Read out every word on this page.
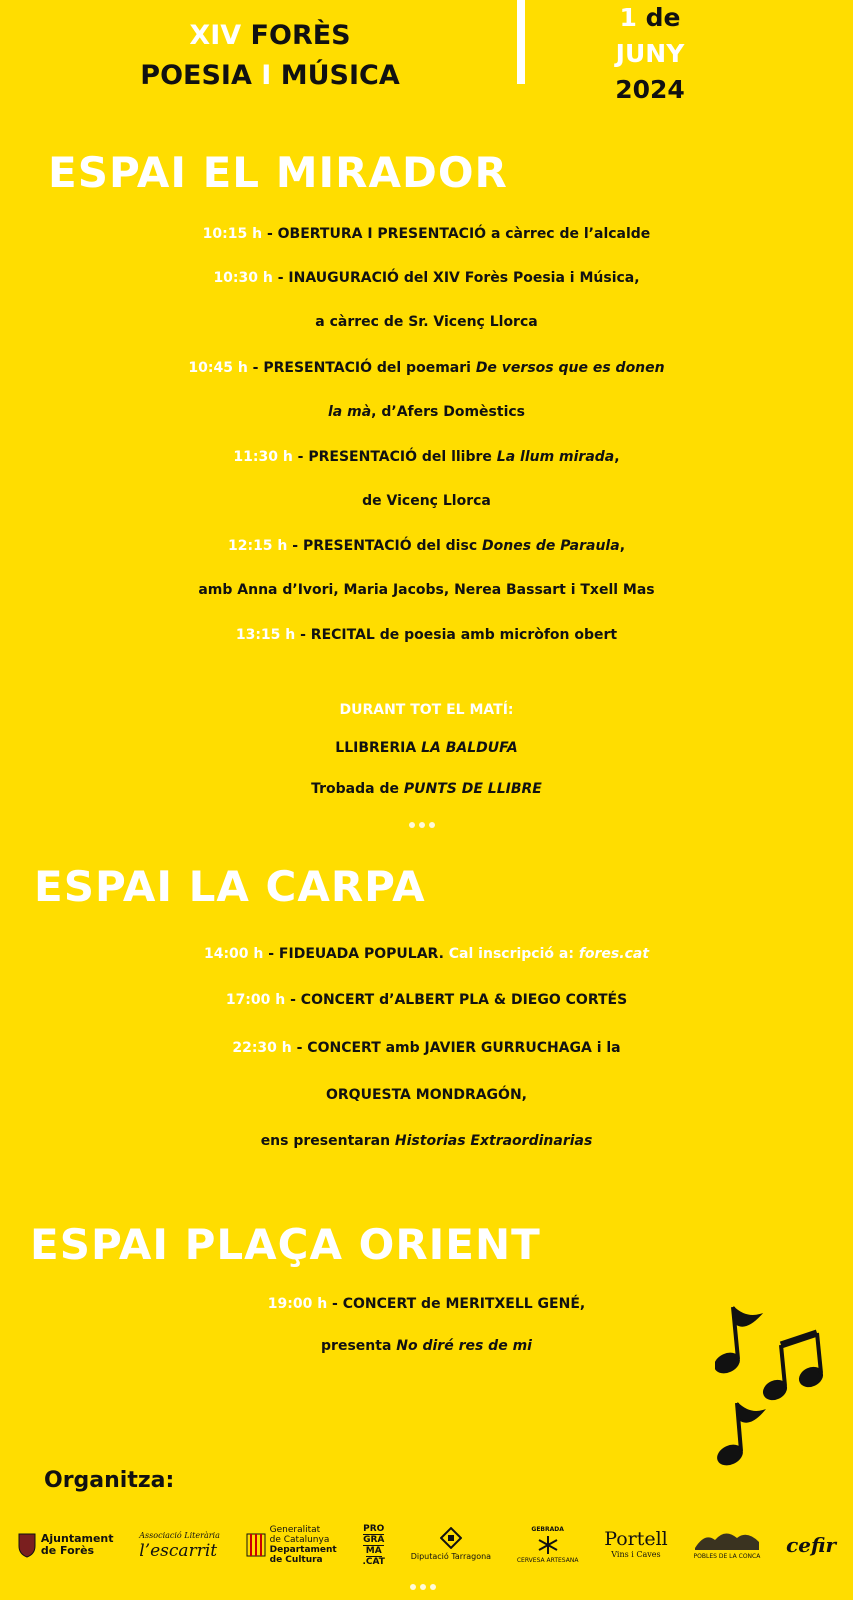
XIV FORÈS
POESIA I MÚSICA
1 de
JUNY
2024
ESPAI EL MIRADOR
10:15 h - OBERTURA I PRESENTACIÓ a càrrec de l’alcalde
10:30 h - INAUGURACIÓ del XIV Forès Poesia i Música,
a càrrec de Sr. Vicenç Llorca
10:45 h - PRESENTACIÓ del poemari De versos que es donen
la mà, d’Afers Domèstics
11:30 h - PRESENTACIÓ del llibre La llum mirada,
de Vicenç Llorca
12:15 h - PRESENTACIÓ del disc Dones de Paraula,
amb Anna d’Ivori, Maria Jacobs, Nerea Bassart i Txell Mas
13:15 h - RECITAL de poesia amb micròfon obert
DURANT TOT EL MATÍ:
LLIBRERIA LA BALDUFA
Trobada de PUNTS DE LLIBRE
ESPAI LA CARPA
14:00 h - FIDEUADA POPULAR. Cal inscripció a: fores.cat
17:00 h - CONCERT d’ALBERT PLA & DIEGO CORTÉS
22:30 h - CONCERT amb JAVIER GURRUCHAGA i la
ORQUESTA MONDRAGÓN,
ens presentaran Historias Extraordinarias
ESPAI PLAÇA ORIENT
19:00 h - CONCERT de MERITXELL GENÉ,
presenta No diré res de mi
Organitza:
Ajuntament
de Forès
Associació Literària
l’escarrit
Generalitat
de Catalunya
Departament
de Cultura
PRO
GRA
MA
.CAT	Diputació Tarragona
GEBRADA
CERVESA ARTESANA
Portell
Vins i Caves	POBLES DE LA CONCA cefir
